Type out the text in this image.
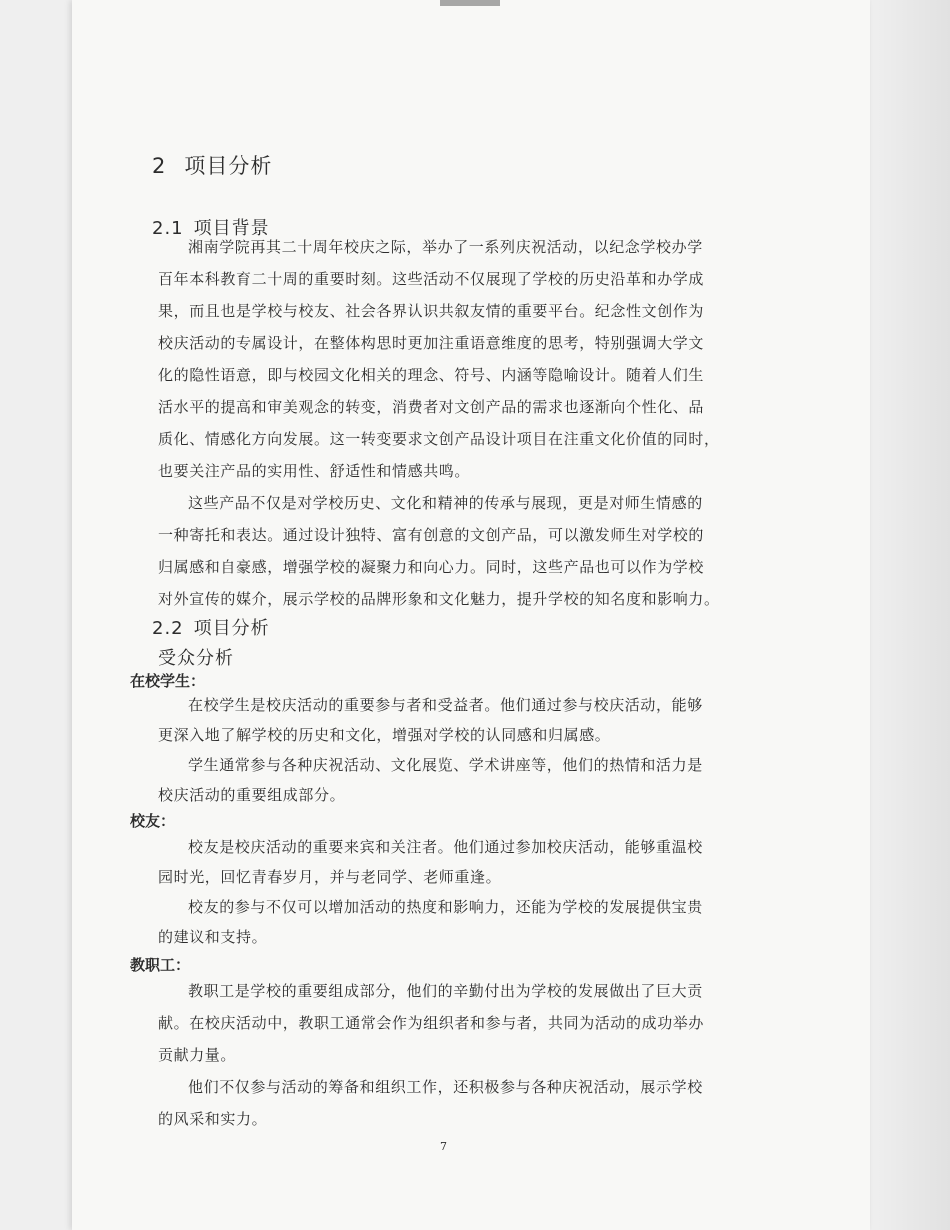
2 项目分析
2.1 项目背景
湘南学院再其二十周年校庆之际，举办了一系列庆祝活动，以纪念学校办学
百年本科教育二十周的重要时刻。这些活动不仅展现了学校的历史沿革和办学成
果，而且也是学校与校友、社会各界认识共叙友情的重要平台。纪念性文创作为
校庆活动的专属设计，在整体构思时更加注重语意维度的思考，特别强调大学文
化的隐性语意，即与校园文化相关的理念、符号、内涵等隐喻设计。随着人们生
活水平的提高和审美观念的转变，消费者对文创产品的需求也逐渐向个性化、品
质化、情感化方向发展。这一转变要求文创产品设计项目在注重文化价值的同时，
也要关注产品的实用性、舒适性和情感共鸣。
这些产品不仅是对学校历史、文化和精神的传承与展现，更是对师生情感的
一种寄托和表达。通过设计独特、富有创意的文创产品，可以激发师生对学校的
归属感和自豪感，增强学校的凝聚力和向心力。同时，这些产品也可以作为学校
对外宣传的媒介，展示学校的品牌形象和文化魅力，提升学校的知名度和影响力。
2.2 项目分析
受众分析
在校学生：
在校学生是校庆活动的重要参与者和受益者。他们通过参与校庆活动，能够
更深入地了解学校的历史和文化，增强对学校的认同感和归属感。
学生通常参与各种庆祝活动、文化展览、学术讲座等，他们的热情和活力是
校庆活动的重要组成部分。
校友：
校友是校庆活动的重要来宾和关注者。他们通过参加校庆活动，能够重温校
园时光，回忆青春岁月，并与老同学、老师重逢。
校友的参与不仅可以增加活动的热度和影响力，还能为学校的发展提供宝贵
的建议和支持。
教职工：
教职工是学校的重要组成部分，他们的辛勤付出为学校的发展做出了巨大贡
献。在校庆活动中，教职工通常会作为组织者和参与者，共同为活动的成功举办
贡献力量。
他们不仅参与活动的筹备和组织工作，还积极参与各种庆祝活动，展示学校
的风采和实力。
7
